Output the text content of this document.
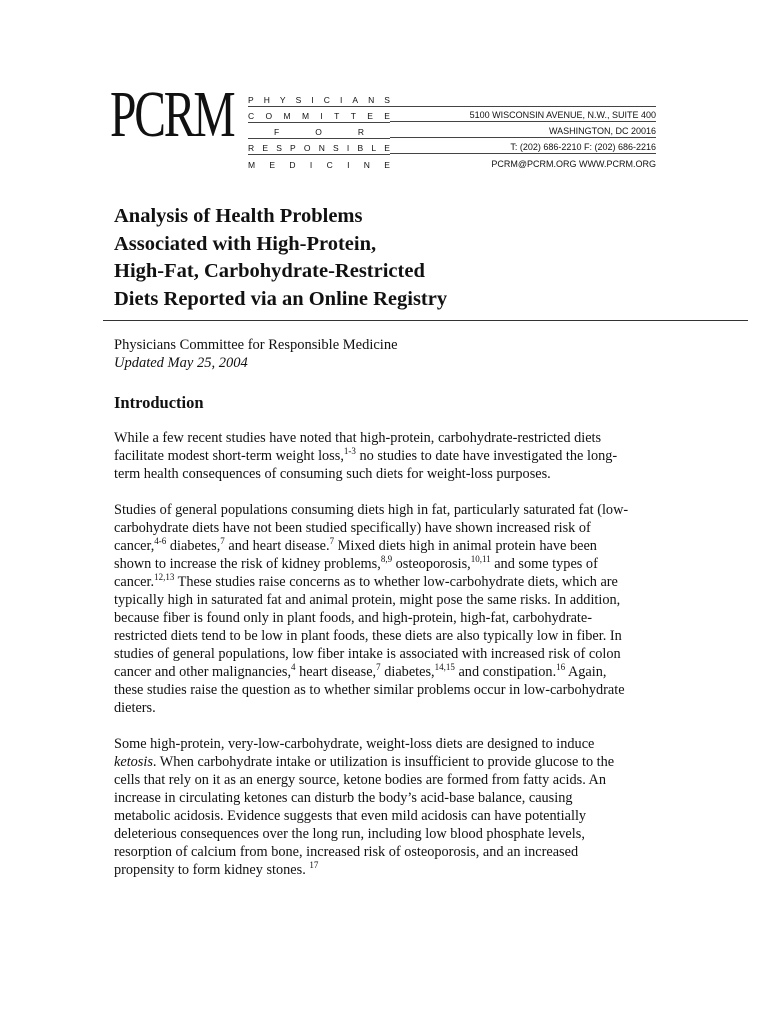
PCRM P H Y S I C I A N S
C O M M I T T E E
F	O	R
R E S P O N S I B L E
M E D I C I N E
5100 WISCONSIN AVENUE, N.W., SUITE 400
WASHINGTON, DC 20016
T: (202) 686-2210 F: (202) 686-2216
PCRM@PCRM.ORG WWW.PCRM.ORG
Analysis of Health Problems
Associated with High-Protein,
High-Fat, Carbohydrate-Restricted
Diets Reported via an Online Registry
Physicians Committee for Responsible Medicine
Updated May 25, 2004
Introduction
While a few recent studies have noted that high-protein, carbohydrate-restricted diets
facilitate modest short-term weight loss,$^{1-3}$ no studies to date have investigated the long-
term health consequences of consuming such diets for weight-loss purposes.
Studies of general populations consuming diets high in fat, particularly saturated fat (low-
carbohydrate diets have not been studied specifically) have shown increased risk of
cancer,$^{4-6}$ diabetes,$^7$ and heart disease.$^7$ Mixed diets high in animal protein have been
shown to increase the risk of kidney problems,$^{8,9}$ osteoporosis,$^{10,11}$ and some types of
cancer.$^{12,13}$ These studies raise concerns as to whether low-carbohydrate diets, which are
typically high in saturated fat and animal protein, might pose the same risks. In addition,
because fiber is found only in plant foods, and high-protein, high-fat, carbohydrate-
restricted diets tend to be low in plant foods, these diets are also typically low in fiber. In
studies of general populations, low fiber intake is associated with increased risk of colon
cancer and other malignancies,$^4$ heart disease,$^7$ diabetes,$^{14,15}$ and constipation.$^{16}$ Again,
these studies raise the question as to whether similar problems occur in low-carbohydrate
dieters.
Some high-protein, very-low-carbohydrate, weight-loss diets are designed to induce
ketosis. When carbohydrate intake or utilization is insufficient to provide glucose to the
cells that rely on it as an energy source, ketone bodies are formed from fatty acids. An
increase in circulating ketones can disturb the body’s acid-base balance, causing
metabolic acidosis. Evidence suggests that even mild acidosis can have potentially
deleterious consequences over the long run, including low blood phosphate levels,
resorption of calcium from bone, increased risk of osteoporosis, and an increased
propensity to form kidney stones. $^{17}$
